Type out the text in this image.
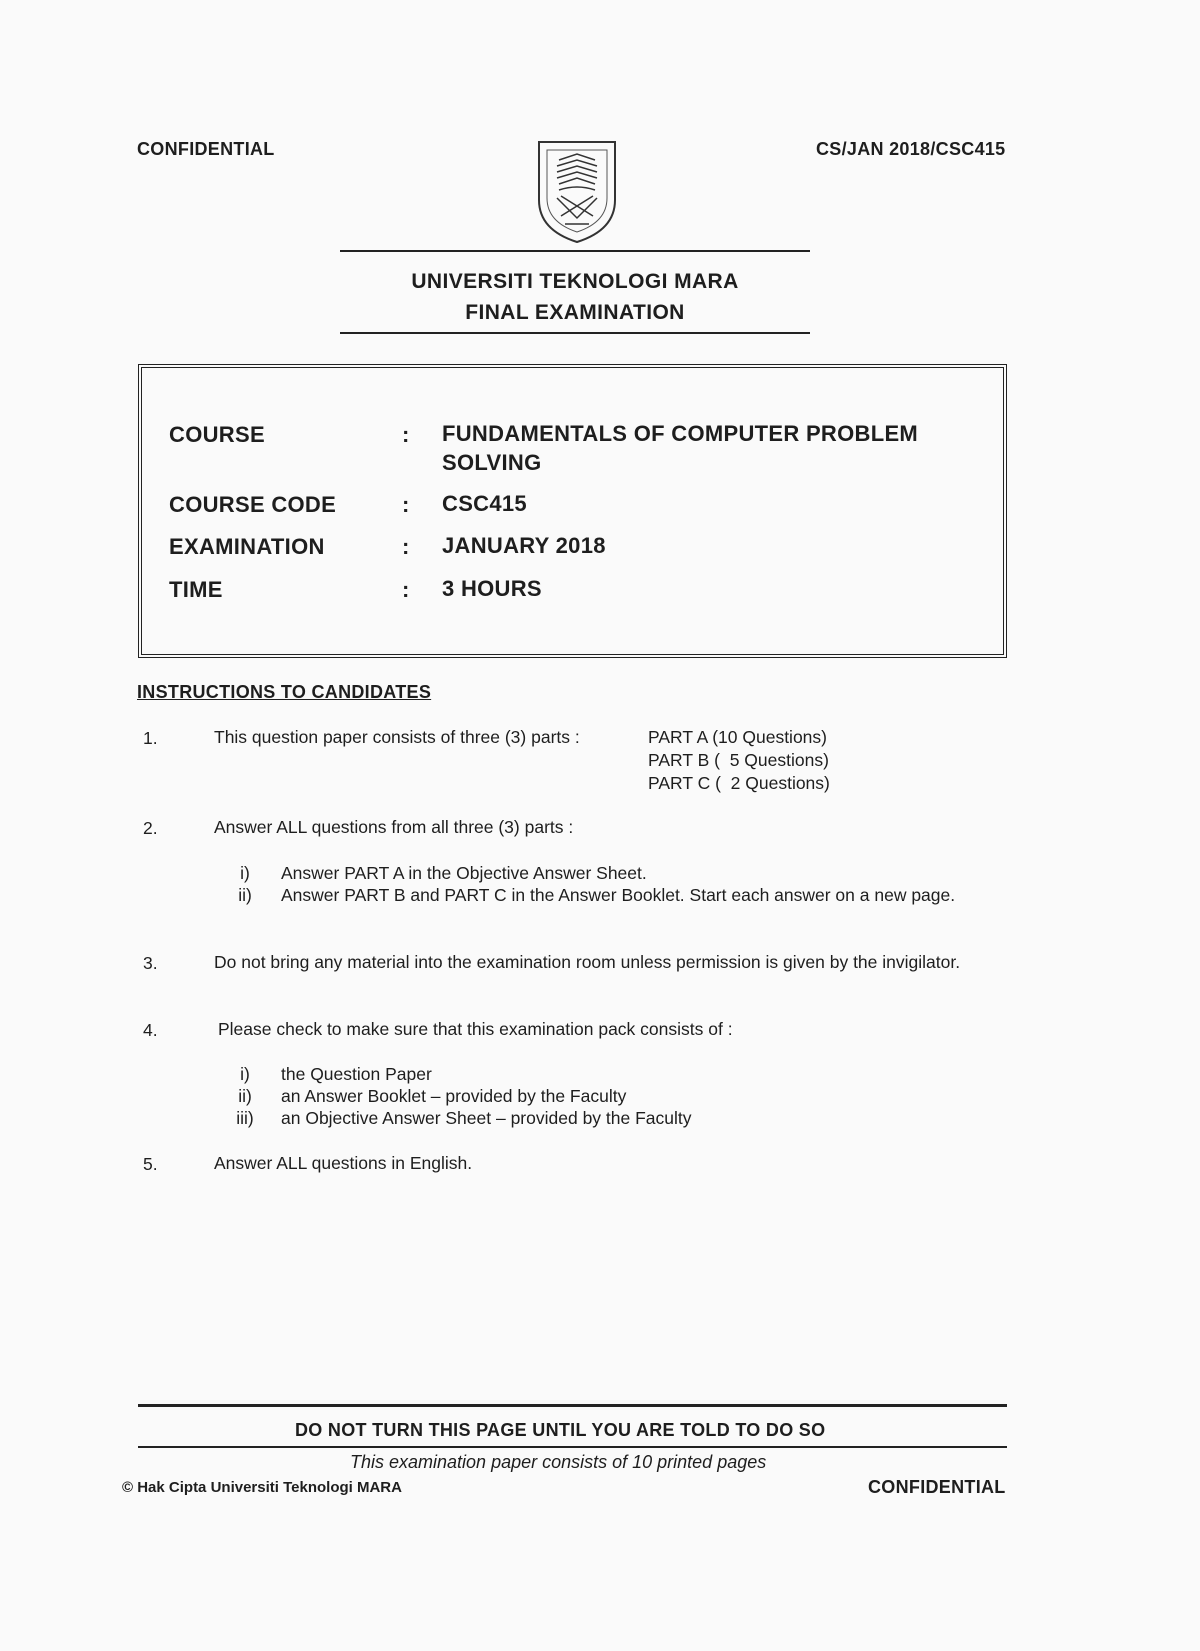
CONFIDENTIAL	CS/JAN 2018/CSC415
UNIVERSITI TEKNOLOGI MARA
FINAL EXAMINATION
COURSE	: FUNDAMENTALS OF COMPUTER PROBLEM
SOLVING
COURSE CODE	: CSC415
EXAMINATION	: JANUARY 2018
TIME	: 3 HOURS
INSTRUCTIONS TO CANDIDATES
1.	This question paper consists of three (3) parts :	PART A (10 Questions)
PART B (  5 Questions)
PART C (  2 Questions)
2.	Answer ALL questions from all three (3) parts :
i)	Answer PART A in the Objective Answer Sheet.
ii)	Answer PART B and PART C in the Answer Booklet. Start each answer on a new page.
3.	Do not bring any material into the examination room unless permission is given by the invigilator.
4.	Please check to make sure that this examination pack consists of :
i)	the Question Paper
ii)	an Answer Booklet – provided by the Faculty
iii)	an Objective Answer Sheet – provided by the Faculty
5.	Answer ALL questions in English.
DO NOT TURN THIS PAGE UNTIL YOU ARE TOLD TO DO SO
This examination paper consists of 10 printed pages
© Hak Cipta Universiti Teknologi MARA	CONFIDENTIAL
